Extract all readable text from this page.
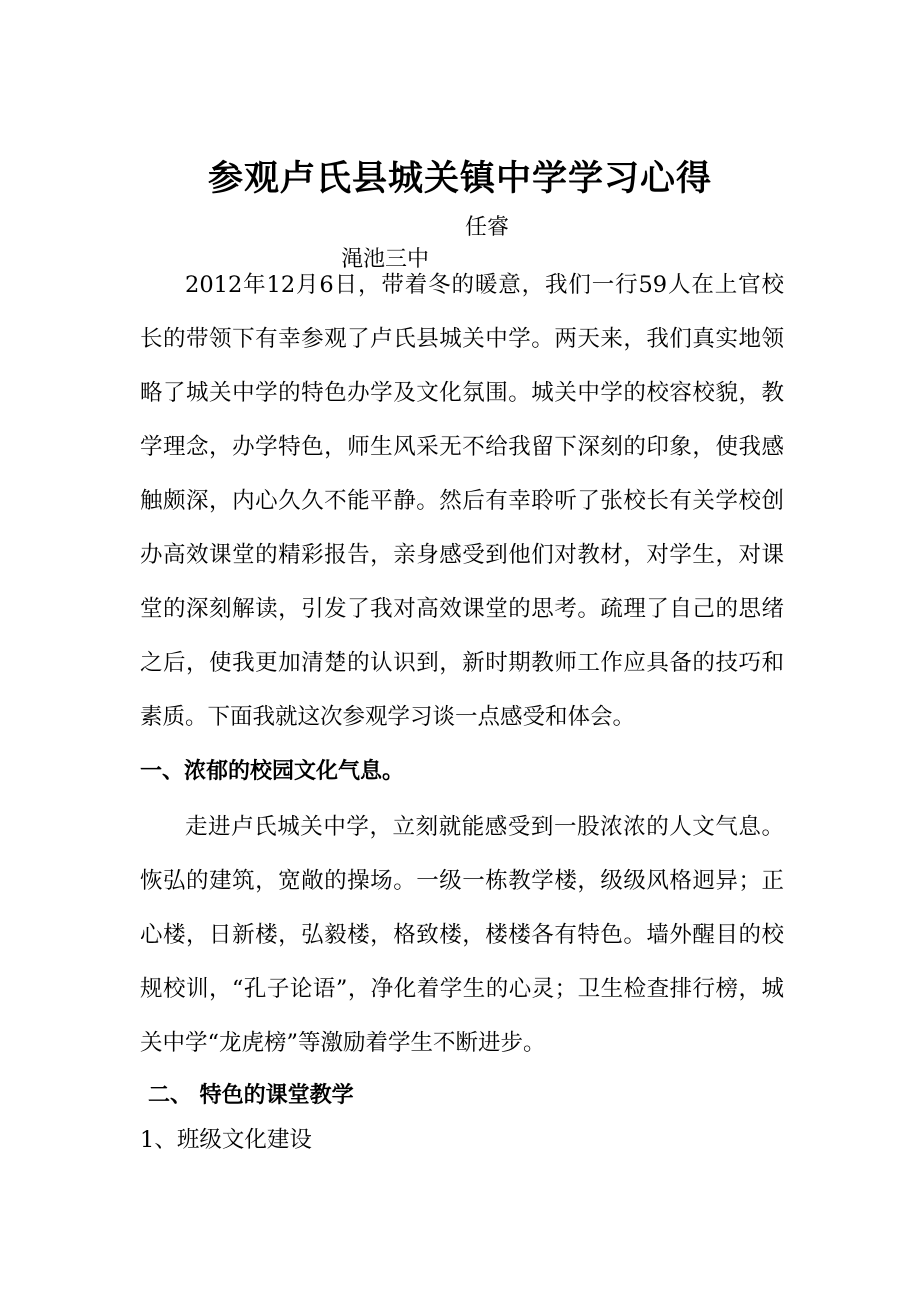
参观卢氏县城关镇中学学习心得

渑池三中

任睿

2012年12月6日，带着冬的暖意，我们一行59人在上官校长的带领下有幸参观了卢氏县城关中学。两天来，我们真实地领略了城关中学的特色办学及文化氛围。城关中学的校容校貌，教学理念，办学特色，师生风采无不给我留下深刻的印象，使我感触颇深，内心久久不能平静。然后有幸聆听了张校长有关学校创办高效课堂的精彩报告，亲身感受到他们对教材，对学生，对课堂的深刻解读，引发了我对高效课堂的思考。疏理了自己的思绪之后，使我更加清楚的认识到，新时期教师工作应具备的技巧和素质。下面我就这次参观学习谈一点感受和体会。

一、浓郁的校园文化气息。

走进卢氏城关中学，立刻就能感受到一股浓浓的人文气息。恢弘的建筑，宽敞的操场。一级一栋教学楼，级级风格迥异；正心楼，日新楼，弘毅楼，格致楼，楼楼各有特色。墙外醒目的校规校训，“孔子论语”，净化着学生的心灵；卫生检查排行榜，城关中学“龙虎榜”等激励着学生不断进步。

二、 特色的课堂教学

1、班级文化建设
